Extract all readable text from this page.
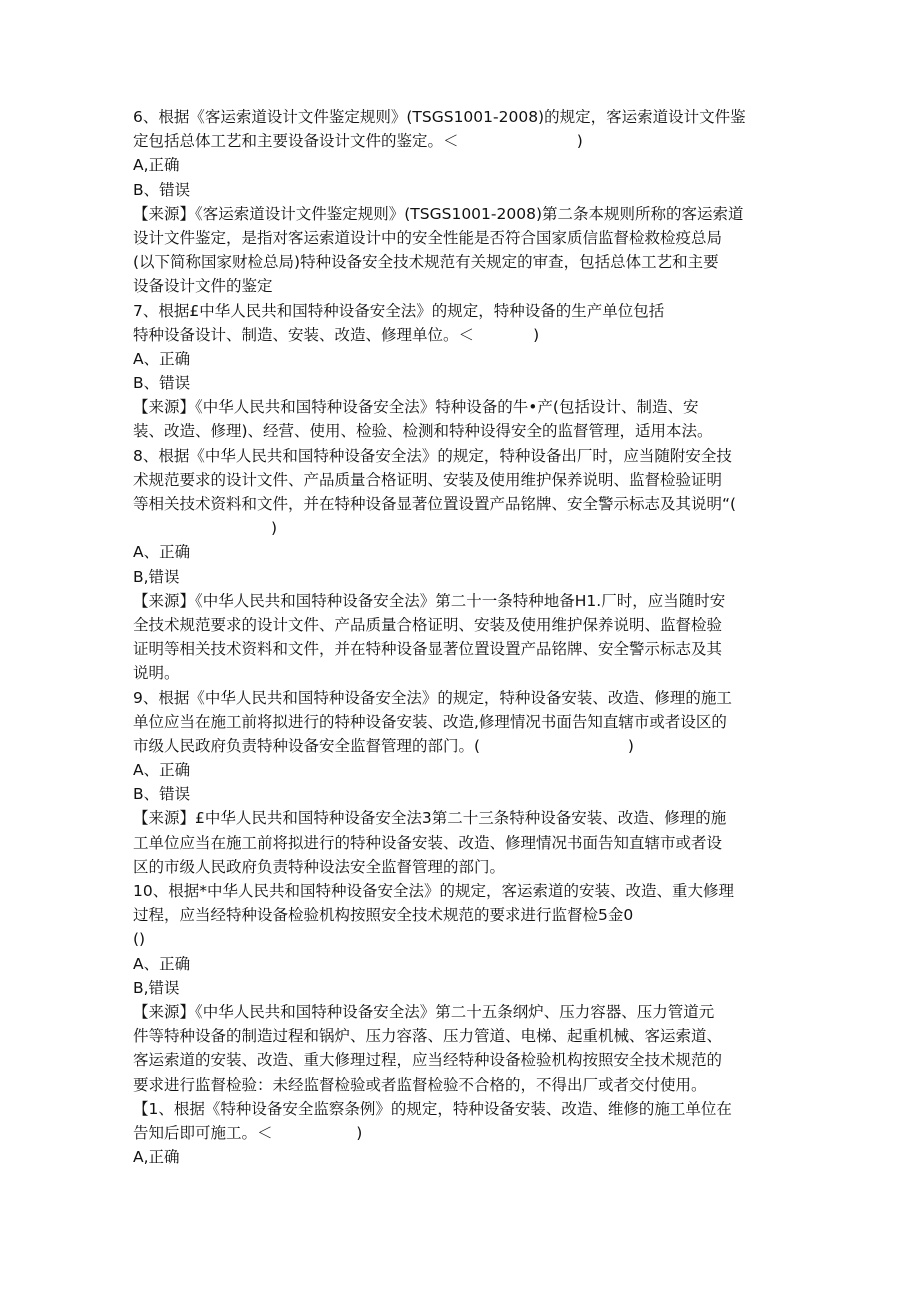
6、根据《客运索道设计文件鉴定规则》(TSGS1001-2008)的规定，客运索道设计文件鉴
定包括总体工艺和主要设备设计文件的鉴定。＜                        )
A,正确
B、错误
【来源】《客运索道设计文件鉴定规则》(TSGS1001-2008)第二条本规则所称的客运索道
设计文件鉴定，是指对客运索道设计中的安全性能是否符合国家质信监督检救检疫总局
(以下简称国家财检总局)特种设备安全技术规范有关规定的审查，包括总体工艺和主要
设备设计文件的鉴定
7、根据£中华人民共和国特种设备安全法》的规定，特种设备的生产单位包括
特种设备设计、制造、安装、改造、修理单位。＜            )
A、正确
B、错误
【来源】《中华人民共和国特种设备安全法》特种设备的牛•产(包括设计、制造、安
装、改造、修理)、经营、使用、检验、检测和特种设得安全的监督管理，适用本法。
8、根据《中华人民共和国特种设备安全法》的规定，特种设备出厂时，应当随附安全技
术规范要求的设计文件、产品质量合格证明、安装及使用维护保养说明、监督检验证明
等相关技术资料和文件，并在特种设备显著位置设置产品铭牌、安全警示标志及其说明“(
)
A、正确
B,错误
【来源】《中华人民共和国特种设备安全法》第二十一条特种地备H1.厂时，应当随时安
全技术规范要求的设计文件、产品质量合格证明、安装及使用维护保养说明、监督检验
证明等相关技术资料和文件，并在特种设备显著位置设置产品铭牌、安全警示标志及其
说明。
9、根据《中华人民共和国特种设备安全法》的规定，特种设备安装、改造、修理的施工
单位应当在施工前将拟进行的特种设备安装、改造,修理情况书面告知直辖市或者设区的
市级人民政府负责特种设备安全监督管理的部门。(                              )
A、正确
B、错误
【来源】£中华人民共和国特种设备安全法3第二十三条特种设备安装、改造、修理的施
工单位应当在施工前将拟进行的特种设备安装、改造、修理情况书面告知直辖市或者设
区的市级人民政府负责特种设法安全监督管理的部门。
10、根据*中华人民共和国特种设备安全法》的规定，客运索道的安装、改造、重大修理
过程，应当经特种设备检验机构按照安全技术规范的要求进行监督检5金0
()
A、正确
B,错误
【来源】《中华人民共和国特种设备安全法》第二十五条纲炉、压力容器、压力管道元
件等特种设备的制造过程和锅炉、压力容落、压力管道、电梯、起重机械、客运索道、
客运索道的安装、改造、重大修理过程，应当经特种设备检验机构按照安全技术规范的
要求进行监督检验：未经监督检验或者监督检验不合格的，不得出厂或者交付使用。
【1、根据《特种设备安全监察条例》的规定，特种设备安装、改造、维修的施工单位在
告知后即可施工。＜                 )
A,正确
